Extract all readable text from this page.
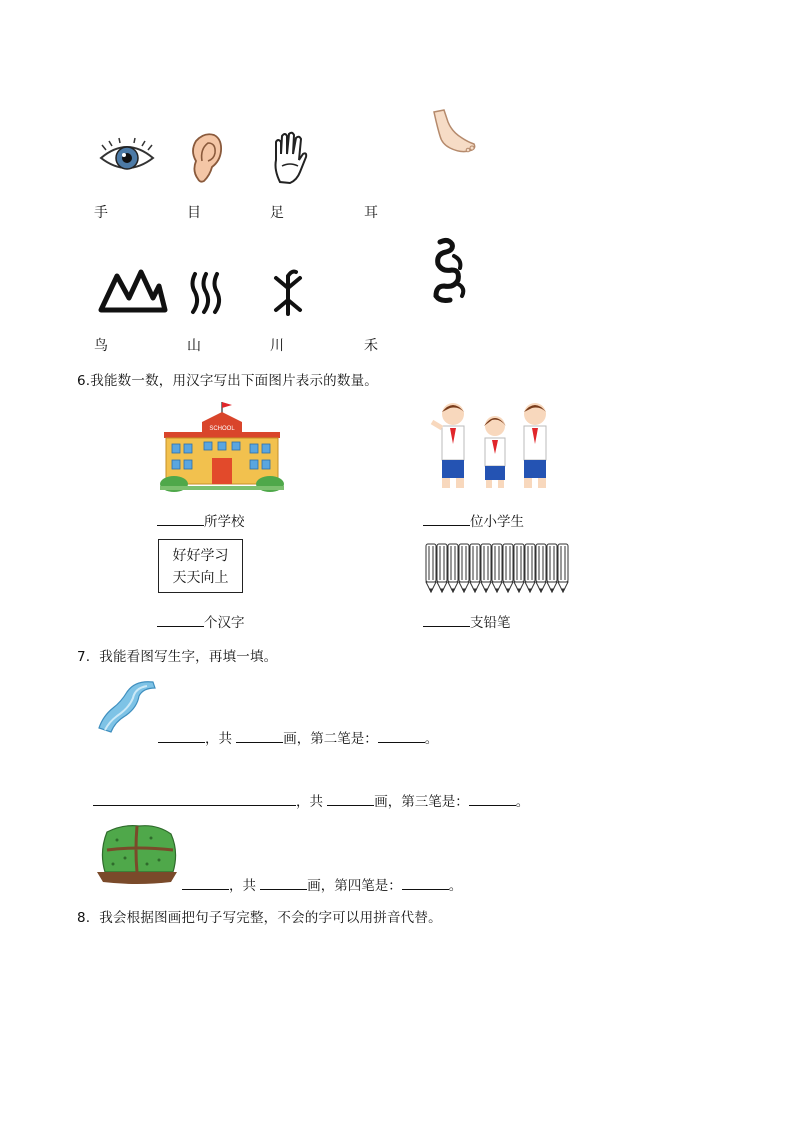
手	目	足	耳
鸟	山	川	禾
6.我能数一数，用汉字写出下面图片表示的数量。
SCHOOL
所学校	位小学生
好好学习
天天向上
个汉字	支铅笔
7. 我能看图写生字，再填一填。
，共	画，第二笔是：	。
，共	画，第三笔是：	。
，共	画，第四笔是：	。
8. 我会根据图画把句子写完整，不会的字可以用拼音代替。
